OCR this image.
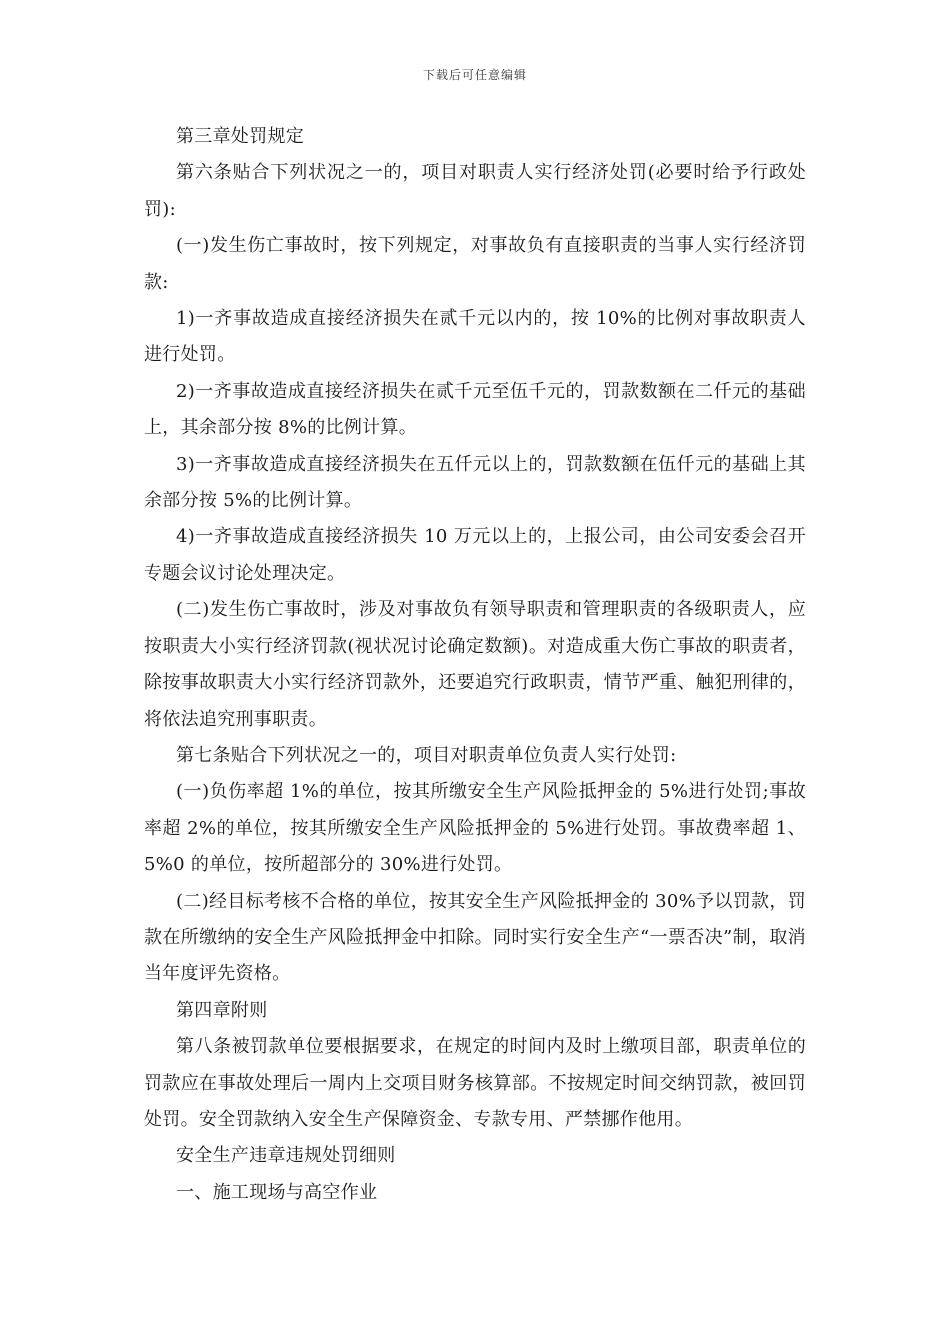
下载后可任意编辑

第三章处罚规定

第六条贴合下列状况之一的，项目对职责人实行经济处罚(必要时给予行政处罚):

(一)发生伤亡事故时，按下列规定，对事故负有直接职责的当事人实行经济罚款:

1)一齐事故造成直接经济损失在贰千元以内的，按 10%的比例对事故职责人进行处罚。

2)一齐事故造成直接经济损失在贰千元至伍千元的，罚款数额在二仟元的基础上，其余部分按 8%的比例计算。

3)一齐事故造成直接经济损失在五仟元以上的，罚款数额在伍仟元的基础上其余部分按 5%的比例计算。

4)一齐事故造成直接经济损失 10 万元以上的，上报公司，由公司安委会召开专题会议讨论处理决定。

(二)发生伤亡事故时，涉及对事故负有领导职责和管理职责的各级职责人，应按职责大小实行经济罚款(视状况讨论确定数额)。对造成重大伤亡事故的职责者，除按事故职责大小实行经济罚款外，还要追究行政职责，情节严重、触犯刑律的，将依法追究刑事职责。

第七条贴合下列状况之一的，项目对职责单位负责人实行处罚:

(一)负伤率超 1%的单位，按其所缴安全生产风险抵押金的 5%进行处罚;事故率超 2%的单位，按其所缴安全生产风险抵押金的 5%进行处罚。事故费率超 1、5%0 的单位，按所超部分的 30%进行处罚。

(二)经目标考核不合格的单位，按其安全生产风险抵押金的 30%予以罚款，罚款在所缴纳的安全生产风险抵押金中扣除。同时实行安全生产“一票否决”制，取消当年度评先资格。

第四章附则

第八条被罚款单位要根据要求，在规定的时间内及时上缴项目部，职责单位的罚款应在事故处理后一周内上交项目财务核算部。不按规定时间交纳罚款，被回罚处罚。安全罚款纳入安全生产保障资金、专款专用、严禁挪作他用。

安全生产违章违规处罚细则

一、施工现场与高空作业
